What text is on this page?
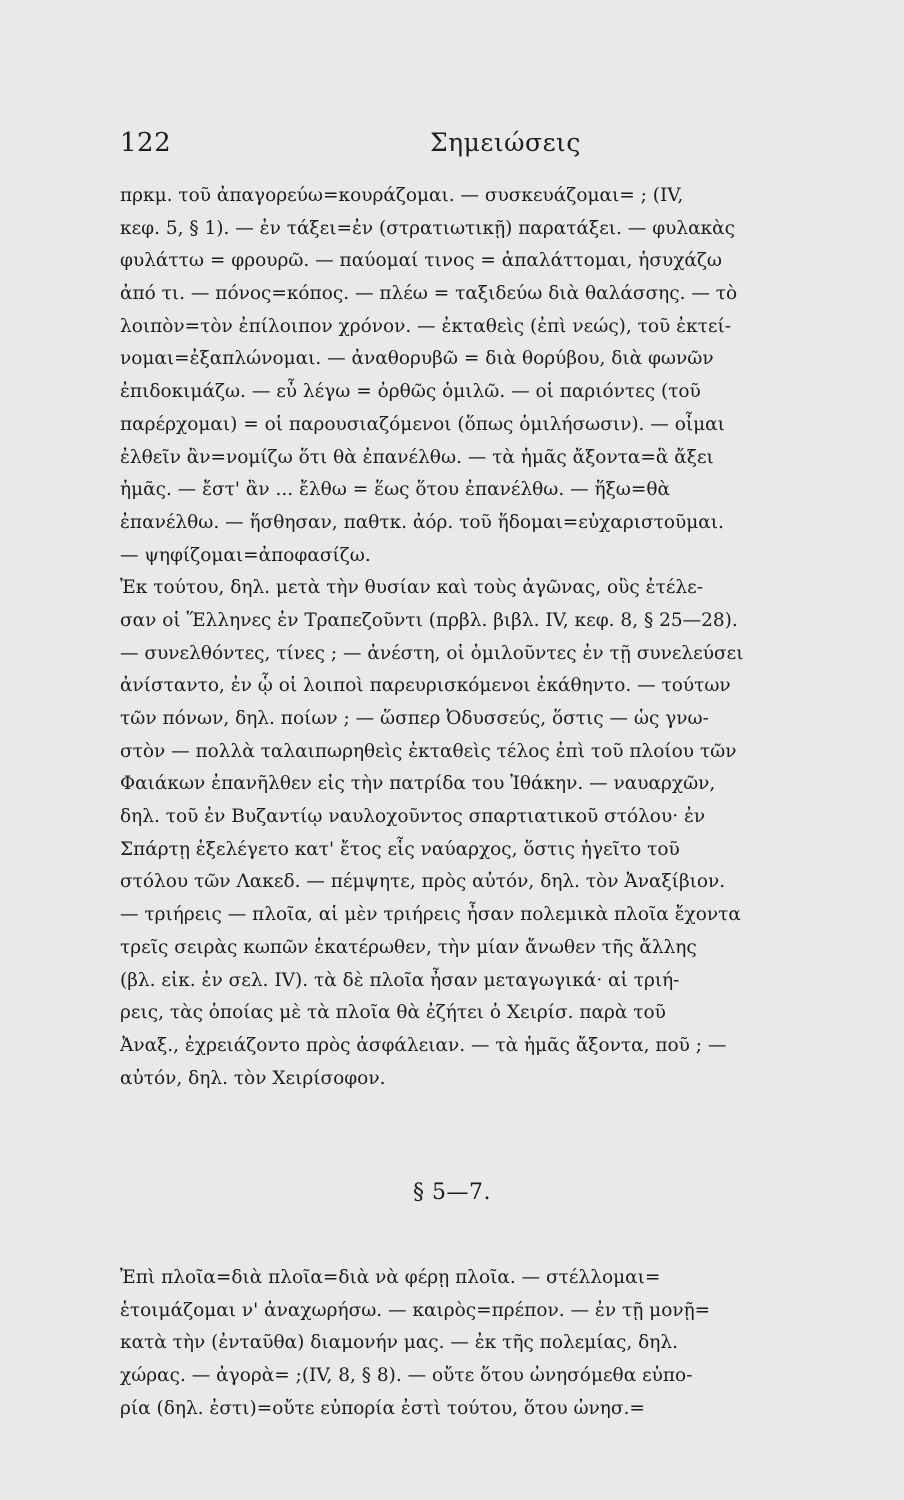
122	Σημειώσεις
πρκμ. τοῦ ἀπαγορεύω=κουράζομαι. — συσκευάζομαι= ; (IV,
κεφ. 5, § 1). — ἐν τάξει=ἐν (στρατιωτικῇ) παρατάξει. — φυλακὰς
φυλάττω = φρουρῶ. — παύομαί τινος = ἀπαλάττομαι, ἡσυχάζω
ἀπό τι. — πόνος=κόπος. — πλέω = ταξιδεύω διὰ θαλάσσης. — τὸ
λοιπὸν=τὸν ἐπίλοιπον χρόνον. — ἐκταθεὶς (ἐπὶ νεώς), τοῦ ἐκτεί-
νομαι=ἐξαπλώνομαι. — ἀναθορυβῶ = διὰ θορύβου, διὰ φωνῶν
ἐπιδοκιμάζω. — εὖ λέγω = ὀρθῶς ὁμιλῶ. — οἱ παριόντες (τοῦ
παρέρχομαι) = οἱ παρουσιαζόμενοι (ὅπως ὁμιλήσωσιν). — οἶμαι
ἐλθεῖν ἂν=νομίζω ὅτι θὰ ἐπανέλθω. — τὰ ἡμᾶς ἄξοντα=ἃ ἄξει
ἡμᾶς. — ἔστ' ἂν ... ἔλθω = ἕως ὅτου ἐπανέλθω. — ἥξω=θὰ
ἐπανέλθω. — ἥσθησαν, παθτκ. ἀόρ. τοῦ ἥδομαι=εὐχαριστοῦμαι.
— ψηφίζομαι=ἀποφασίζω.
Ἐκ τούτου, δηλ. μετὰ τὴν θυσίαν καὶ τοὺς ἀγῶνας, οὓς ἐτέλε-
σαν οἱ Ἕλληνες ἐν Τραπεζοῦντι (πρβλ. βιβλ. IV, κεφ. 8, § 25—28).
— συνελθόντες, τίνες ; — ἀνέστη, οἱ ὁμιλοῦντες ἐν τῇ συνελεύσει
ἀνίσταντο, ἐν ᾧ οἱ λοιποὶ παρευρισκόμενοι ἐκάθηντο. — τούτων
τῶν πόνων, δηλ. ποίων ; — ὥσπερ Ὀδυσσεύς, ὅστις — ὡς γνω-
στὸν — πολλὰ ταλαιπωρηθεὶς ἐκταθεὶς τέλος ἐπὶ τοῦ πλοίου τῶν
Φαιάκων ἐπανῆλθεν εἰς τὴν πατρίδα του Ἰθάκην. — ναυαρχῶν,
δηλ. τοῦ ἐν Βυζαντίῳ ναυλοχοῦντος σπαρτιατικοῦ στόλου· ἐν
Σπάρτῃ ἐξελέγετο κατ' ἔτος εἷς ναύαρχος, ὅστις ἡγεῖτο τοῦ
στόλου τῶν Λακεδ. — πέμψητε, πρὸς αὐτόν, δηλ. τὸν Ἀναξίβιον.
— τριήρεις — πλοῖα, αἱ μὲν τριήρεις ἦσαν πολεμικὰ πλοῖα ἔχοντα
τρεῖς σειρὰς κωπῶν ἑκατέρωθεν, τὴν μίαν ἄνωθεν τῆς ἄλλης
(βλ. εἰκ. ἐν σελ. IV). τὰ δὲ πλοῖα ἦσαν μεταγωγικά· αἱ τριή-
ρεις, τὰς ὁποίας μὲ τὰ πλοῖα θὰ ἐζήτει ὁ Χειρίσ. παρὰ τοῦ
Ἀναξ., ἐχρειάζοντο πρὸς ἀσφάλειαν. — τὰ ἡμᾶς ἄξοντα, ποῦ ; —
αὐτόν, δηλ. τὸν Χειρίσοφον.
§ 5—7.
Ἐπὶ πλοῖα=διὰ πλοῖα=διὰ νὰ φέρῃ πλοῖα. — στέλλομαι=
ἑτοιμάζομαι ν' ἀναχωρήσω. — καιρὸς=πρέπον. — ἐν τῇ μονῇ=
κατὰ τὴν (ἐνταῦθα) διαμονήν μας. — ἐκ τῆς πολεμίας, δηλ.
χώρας. — ἀγορὰ= ;(IV, 8, § 8). — οὔτε ὅτου ὠνησόμεθα εὐπο-
ρία (δηλ. ἐστι)=οὔτε εὐπορία ἐστὶ τούτου, ὅτου ὠνησ.=
